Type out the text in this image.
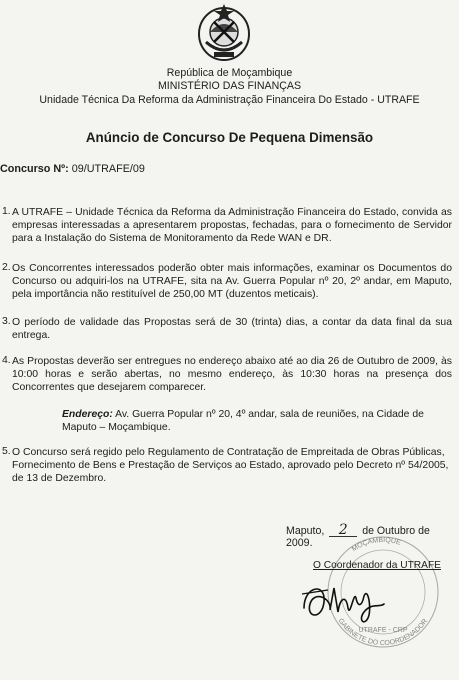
República de Moçambique
MINISTÉRIO DAS FINANÇAS
Unidade Técnica Da Reforma da Administração Financeira Do Estado - UTRAFE
Anúncio de Concurso De Pequena Dimensão
Concurso Nº: 09/UTRAFE/09
1. A UTRAFE – Unidade Técnica da Reforma da Administração Financeira do Estado, convida as empresas interessadas a apresentarem propostas, fechadas, para o fornecimento de Servidor para a Instalação do Sistema de Monitoramento da Rede WAN e DR.
2. Os Concorrentes interessados poderão obter mais informações, examinar os Documentos do Concurso ou adquiri-los na UTRAFE, sita na Av. Guerra Popular nº 20, 2º andar, em Maputo, pela importância não restituível de 250,00 MT (duzentos meticais).
3. O período de validade das Propostas será de 30 (trinta) dias, a contar da data final da sua entrega.
4. As Propostas deverão ser entregues no endereço abaixo até ao dia 26 de Outubro de 2009, às 10:00 horas e serão abertas, no mesmo endereço, às 10:30 horas na presença dos Concorrentes que desejarem comparecer.
Endereço: Av. Guerra Popular nº 20, 4º andar, sala de reuniões, na Cidade de Maputo – Moçambique.
5. O Concurso será regido pelo Regulamento de Contratação de Empreitada de Obras Públicas, Fornecimento de Bens e Prestação de Serviços ao Estado, aprovado pelo Decreto nº 54/2005, de 13 de Dezembro.
MOÇAMBIQUE
GABINETE DO COORDENADOR
UTRAFE - CRP
Maputo, 2 de Outubro de 2009.
O Coordenador da UTRAFE
